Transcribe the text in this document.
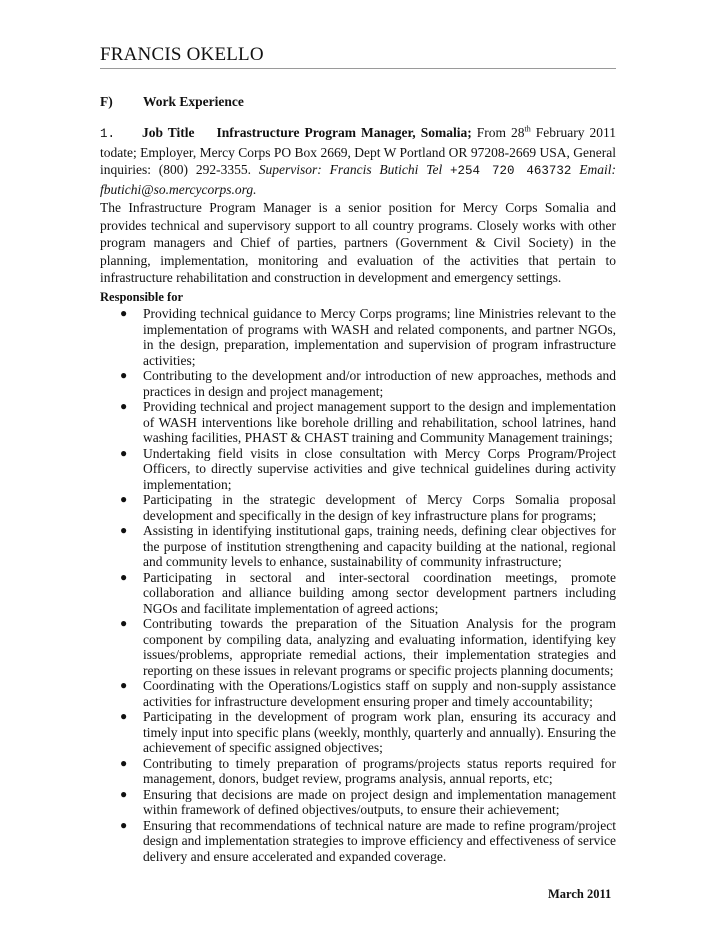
FRANCIS OKELLO
F) Work Experience
1. Job Title Infrastructure Program Manager, Somalia; From 28th February 2011 todate; Employer, Mercy Corps PO Box 2669, Dept W Portland OR 97208-2669 USA, General inquiries: (800) 292-3355. Supervisor: Francis Butichi Tel +254 720 463732 Email: fbutichi@so.mercycorps.org.
The Infrastructure Program Manager is a senior position for Mercy Corps Somalia and provides technical and supervisory support to all country programs. Closely works with other program managers and Chief of parties, partners (Government & Civil Society) in the planning, implementation, monitoring and evaluation of the activities that pertain to infrastructure rehabilitation and construction in development and emergency settings.
Responsible for
● Providing technical guidance to Mercy Corps programs; line Ministries relevant to the implementation of programs with WASH and related components, and partner NGOs, in the design, preparation, implementation and supervision of program infrastructure activities;
● Contributing to the development and/or introduction of new approaches, methods and practices in design and project management;
● Providing technical and project management support to the design and implementation of WASH interventions like borehole drilling and rehabilitation, school latrines, hand washing facilities, PHAST & CHAST training and Community Management trainings;
● Undertaking field visits in close consultation with Mercy Corps Program/Project Officers, to directly supervise activities and give technical guidelines during activity implementation;
● Participating in the strategic development of Mercy Corps Somalia proposal development and specifically in the design of key infrastructure plans for programs;
● Assisting in identifying institutional gaps, training needs, defining clear objectives for the purpose of institution strengthening and capacity building at the national, regional and community levels to enhance, sustainability of community infrastructure;
● Participating in sectoral and inter-sectoral coordination meetings, promote collaboration and alliance building among sector development partners including NGOs and facilitate implementation of agreed actions;
● Contributing towards the preparation of the Situation Analysis for the program component by compiling data, analyzing and evaluating information, identifying key issues/problems, appropriate remedial actions, their implementation strategies and reporting on these issues in relevant programs or specific projects planning documents;
● Coordinating with the Operations/Logistics staff on supply and non-supply assistance activities for infrastructure development ensuring proper and timely accountability;
● Participating in the development of program work plan, ensuring its accuracy and timely input into specific plans (weekly, monthly, quarterly and annually). Ensuring the achievement of specific assigned objectives;
● Contributing to timely preparation of programs/projects status reports required for management, donors, budget review, programs analysis, annual reports, etc;
● Ensuring that decisions are made on project design and implementation management within framework of defined objectives/outputs, to ensure their achievement;
● Ensuring that recommendations of technical nature are made to refine program/project design and implementation strategies to improve efficiency and effectiveness of service delivery and ensure accelerated and expanded coverage.
March 2011
